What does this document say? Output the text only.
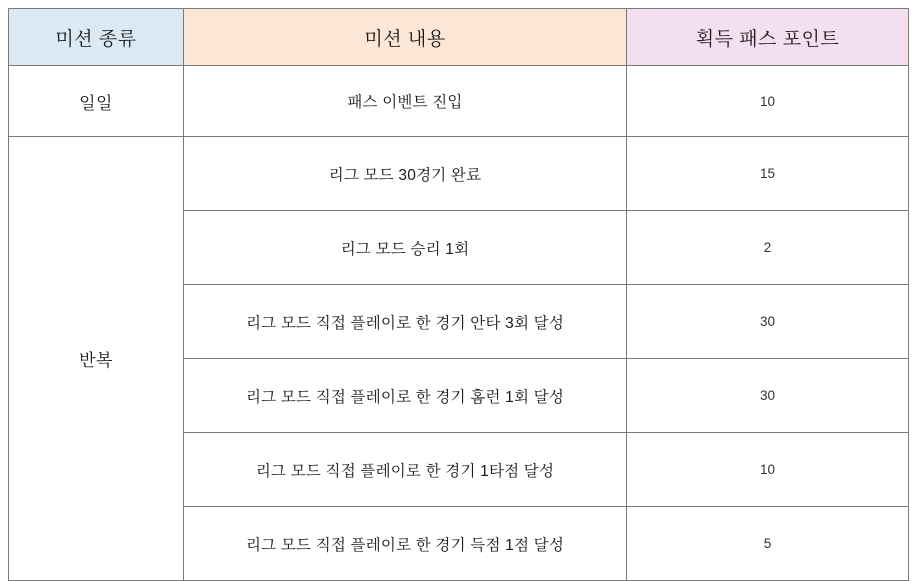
미션 종류	미션 내용	획득 패스 포인트
일일	패스 이벤트 진입	10
반복	리그 모드 30경기 완료	15
	리그 모드 승리 1회	2
	리그 모드 직접 플레이로 한 경기 안타 3회 달성	30
	리그 모드 직접 플레이로 한 경기 홈런 1회 달성	30
	리그 모드 직접 플레이로 한 경기 1타점 달성	10
	리그 모드 직접 플레이로 한 경기 득점 1점 달성	5
